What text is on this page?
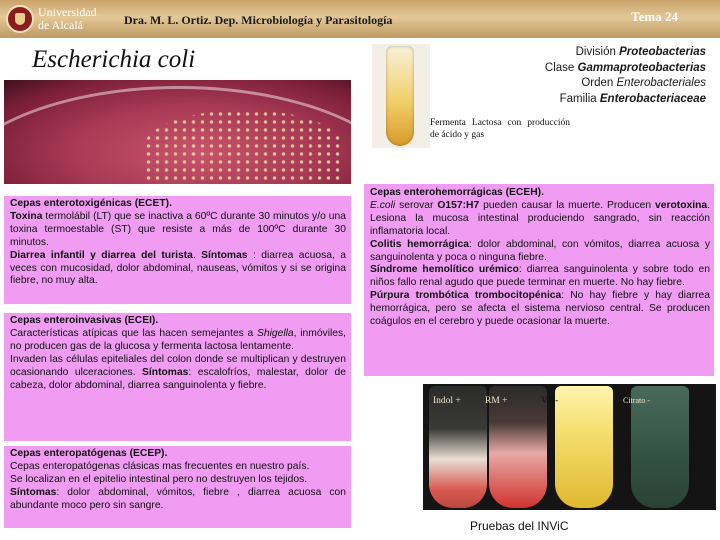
Universidad
de Alcalá	Dra. M. L. Ortiz. Dep. Microbiología y Parasitología	Tema 24
Escherichia coli	División Proteobacterias
Clase Gammaproteobacterias
Orden Enterobacteriales
Familia Enterobacteriaceae
Fermenta Lactosa con producción de ácido y gas
Cepas enterotoxigénicas (ECET).
Toxina termolábil (LT) que se inactiva a 60ºC durante 30 minutos y/o una toxina termoestable (ST) que resiste a más de 100ºC durante 30 minutos.
Diarrea infantil y diarrea del turista. Síntomas : diarrea acuosa, a veces con mucosidad, dolor abdominal, nauseas, vómitos y si se origina fiebre, no muy alta.
Cepas enteroinvasivas (ECEI).
Características atípicas que las hacen semejantes a Shigella, inmóviles, no producen gas de la glucosa y fermenta lactosa lentamente.
Invaden las células epiteliales del colon donde se multiplican y destruyen ocasionando ulceraciones. Síntomas: escalofríos, malestar, dolor de cabeza, dolor abdominal, diarrea sanguinolenta y fiebre.
Cepas enteropatógenas (ECEP).
Cepas enteropatógenas clásicas mas frecuentes en nuestro país.
Se localizan en el epitelio intestinal pero no destruyen los tejidos.
Síntomas: dolor abdominal, vómitos, fiebre , diarrea acuosa con abundante moco pero sin sangre.
Cepas enterohemorrágicas (ECEH).
E.coli serovar O157:H7 pueden causar la muerte. Producen verotoxina. Lesiona la mucosa intestinal produciendo sangrado, sin reacción inflamatoria local.
Colitis hemorrágica: dolor abdominal, con vómitos, diarrea acuosa y sanguinolenta y poca o ninguna fiebre.
Síndrome hemolítico urémico: diarrea sanguinolenta y sobre todo en niños fallo renal agudo que puede terminar en muerte. No hay fiebre.
Púrpura trombótica trombocitopénica: No hay fiebre y hay diarrea hemorrágica, pero se afecta el sistema nervioso central. Se producen coágulos en el cerebro y puede ocasionar la muerte.
Indol +	RM +	VP -	Citrato -
Pruebas del INViC
